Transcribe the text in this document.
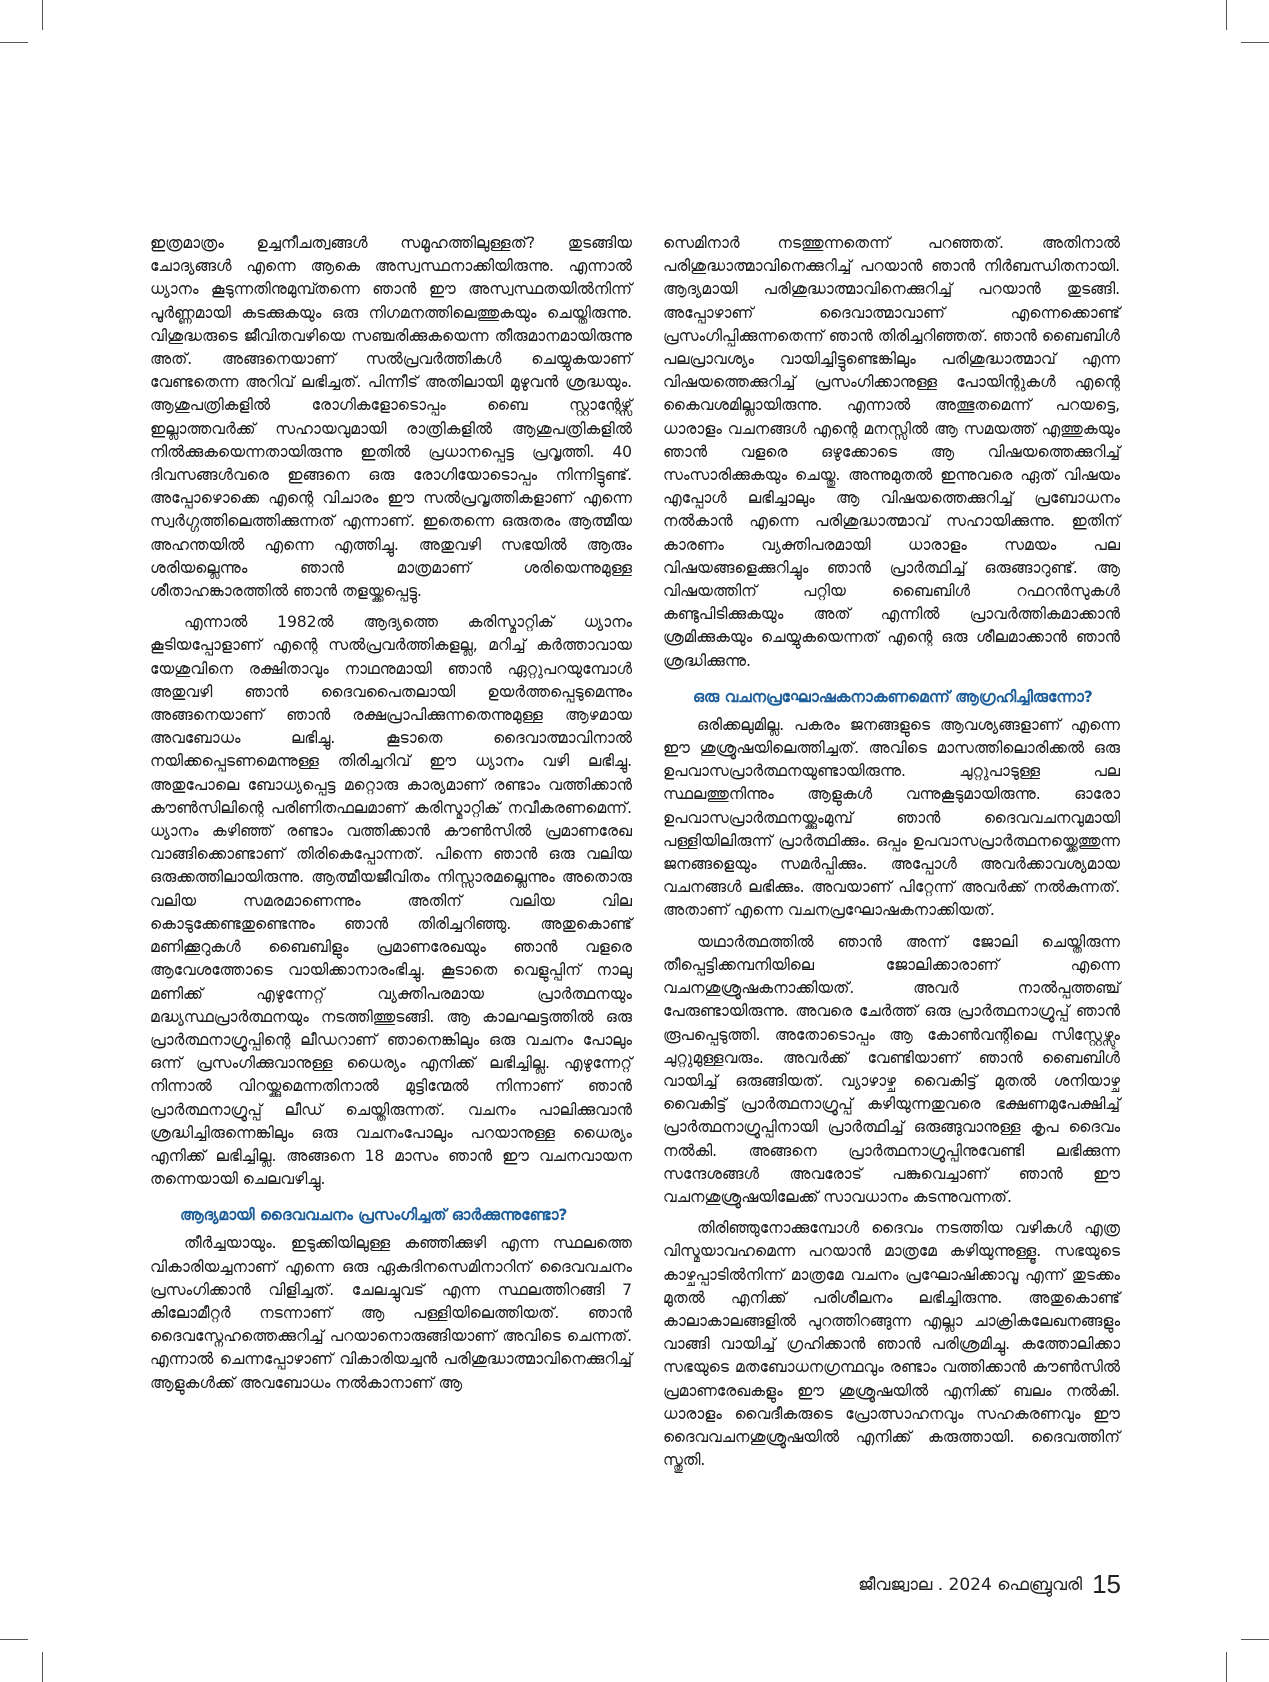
ഇത്രമാത്രം ഉച്ചനീചത്വങ്ങൾ സമൂഹത്തിലുള്ളത്? തുടങ്ങിയ ചോദ്യങ്ങൾ എന്നെ ആകെ അസ്വസ്ഥനാക്കിയിരുന്നു. എന്നാൽ ധ്യാനം കൂടുന്നതിനുമുമ്പ്തന്നെ ഞാൻ ഈ അസ്വസ്ഥതയിൽനിന്ന് പൂർണ്ണമായി കടക്കുകയും ഒരു നിഗമനത്തിലെത്തുകയും ചെയ്തിരുന്നു. വിശുദ്ധരുടെ ജീവിതവഴിയെ സഞ്ചരിക്കുകയെന്ന തീരുമാനമായിരുന്നു അത്. അങ്ങനെയാണ് സൽപ്രവർത്തികൾ ചെയ്യുകയാണ് വേണ്ടതെന്ന അറിവ് ലഭിച്ചത്. പിന്നീട് അതിലായി മുഴുവൻ ശ്രദ്ധയും. ആശുപത്രികളിൽ രോഗികളോടൊപ്പം ബൈ സ്റ്റാന്റേഴ്സ് ഇല്ലാത്തവർക്ക് സഹായവുമായി രാത്രികളിൽ ആശുപത്രികളിൽ നിൽക്കുകയെന്നതായിരുന്നു ഇതിൽ പ്രധാനപ്പെട്ട പ്രവൃത്തി. 40 ദിവസങ്ങൾവരെ ഇങ്ങനെ ഒരു രോഗിയോടൊപ്പം നിന്നിട്ടുണ്ട്. അപ്പോഴൊക്കെ എന്റെ വിചാരം ഈ സൽപ്രവൃത്തികളാണ് എന്നെ സ്വർഗ്ഗത്തിലെത്തിക്കുന്നത് എന്നാണ്. ഇതെന്നെ ഒരുതരം ആത്മീയ അഹന്തയിൽ എന്നെ എത്തിച്ചു. അതുവഴി സഭയിൽ ആരും ശരിയല്ലെന്നും ഞാൻ മാത്രമാണ് ശരിയെന്നുമുള്ള ശീതാഹങ്കാരത്തിൽ ഞാൻ തളയ്ക്കപ്പെട്ടു.

എന്നാൽ 1982ൽ ആദ്യത്തെ കരിസ്മാറ്റിക് ധ്യാനം കൂടിയപ്പോളാണ് എന്റെ സൽപ്രവർത്തികളല്ല, മറിച്ച് കർത്താവായ യേശുവിനെ രക്ഷിതാവും നാഥനുമായി ഞാൻ ഏറ്റുപറയുമ്പോൾ അതുവഴി ഞാൻ ദൈവപൈതലായി ഉയർത്തപ്പെടുമെന്നും അങ്ങനെയാണ് ഞാൻ രക്ഷപ്രാപിക്കുന്നതെന്നുമുള്ള ആഴമായ അവബോധം ലഭിച്ചു. കൂടാതെ ദൈവാത്മാവിനാൽ നയിക്കപ്പെടണമെന്നുള്ള തിരിച്ചറിവ് ഈ ധ്യാനം വഴി ലഭിച്ചു. അതുപോലെ ബോധ്യപ്പെട്ട മറ്റൊരു കാര്യമാണ് രണ്ടാം വത്തിക്കാൻ കൗൺസിലിന്റെ പരിണിതഫലമാണ് കരിസ്മാറ്റിക് നവീകരണമെന്ന്. ധ്യാനം കഴിഞ്ഞ് രണ്ടാം വത്തിക്കാൻ കൗൺസിൽ പ്രമാണരേഖ വാങ്ങിക്കൊണ്ടാണ് തിരികെപ്പോന്നത്. പിന്നെ ഞാൻ ഒരു വലിയ ഒരുക്കത്തിലായിരുന്നു. ആത്മീയജീവിതം നിസ്സാരമല്ലെന്നും അതൊരു വലിയ സമരമാണെന്നും അതിന് വലിയ വില കൊടുക്കേണ്ടതുണ്ടെന്നും ഞാൻ തിരിച്ചറിഞ്ഞു. അതുകൊണ്ട് മണിക്കൂറുകൾ ബൈബിളും പ്രമാണരേഖയും ഞാൻ വളരെ ആവേശത്തോടെ വായിക്കാനാരംഭിച്ചു. കൂടാതെ വെളുപ്പിന് നാലു മണിക്ക് എഴുന്നേറ്റ് വ്യക്തിപരമായ പ്രാർത്ഥനയും മദ്ധ്യസ്ഥപ്രാർത്ഥനയും നടത്തിത്തുടങ്ങി. ആ കാലഘട്ടത്തിൽ ഒരു പ്രാർത്ഥനാഗ്രൂപ്പിന്റെ ലീഡറാണ് ഞാനെങ്കിലും ഒരു വചനം പോലും ഒന്ന് പ്രസംഗിക്കുവാനുള്ള ധൈര്യം എനിക്ക് ലഭിച്ചില്ല. എഴുന്നേറ്റ് നിന്നാൽ വിറയ്ക്കുമെന്നതിനാൽ മുട്ടിന്മേൽ നിന്നാണ് ഞാൻ പ്രാർത്ഥനാഗ്രൂപ്പ് ലീഡ് ചെയ്തിരുന്നത്. വചനം പാലിക്കുവാൻ ശ്രദ്ധിച്ചിരുന്നെങ്കിലും ഒരു വചനംപോലും പറയാനുള്ള ധൈര്യം എനിക്ക് ലഭിച്ചില്ല. അങ്ങനെ 18 മാസം ഞാൻ ഈ വചനവായന തന്നെയായി ചെലവഴിച്ചു.

ആദ്യമായി ദൈവവചനം പ്രസംഗിച്ചത് ഓർക്കുന്നുണ്ടോ?

തീർച്ചയായും. ഇടുക്കിയിലുള്ള കഞ്ഞിക്കുഴി എന്ന സ്ഥലത്തെ വികാരിയച്ചനാണ് എന്നെ ഒരു ഏകദിനസെമിനാറിന് ദൈവവചനം പ്രസംഗിക്കാൻ വിളിച്ചത്. ചേലച്ചുവട് എന്ന സ്ഥലത്തിറങ്ങി 7 കിലോമീറ്റർ നടന്നാണ് ആ പള്ളിയിലെത്തിയത്. ഞാൻ ദൈവസ്നേഹത്തെക്കുറിച്ച് പറയാനൊരുങ്ങിയാണ് അവിടെ ചെന്നത്. എന്നാൽ ചെന്നപ്പോഴാണ് വികാരിയച്ചൻ പരിശുദ്ധാത്മാവിനെക്കുറിച്ച് ആളുകൾക്ക് അവബോധം നൽകാനാണ് ആ

സെമിനാർ നടത്തുന്നതെന്ന് പറഞ്ഞത്. അതിനാൽ പരിശുദ്ധാത്മാവിനെക്കുറിച്ച് പറയാൻ ഞാൻ നിർബന്ധിതനായി. ആദ്യമായി പരിശുദ്ധാത്മാവിനെക്കുറിച്ച് പറയാൻ തുടങ്ങി. അപ്പോഴാണ് ദൈവാത്മാവാണ് എന്നെക്കൊണ്ട് പ്രസംഗിപ്പിക്കുന്നതെന്ന് ഞാൻ തിരിച്ചറിഞ്ഞത്. ഞാൻ ബൈബിൾ പലപ്രാവശ്യം വായിച്ചിട്ടുണ്ടെങ്കിലും പരിശുദ്ധാത്മാവ് എന്ന വിഷയത്തെക്കുറിച്ച് പ്രസംഗിക്കാനുള്ള പോയിന്റുകൾ എന്റെ കൈവശമില്ലായിരുന്നു. എന്നാൽ അത്ഭുതമെന്ന് പറയട്ടെ, ധാരാളം വചനങ്ങൾ എന്റെ മനസ്സിൽ ആ സമയത്ത് എത്തുകയും ഞാൻ വളരെ ഒഴുക്കോടെ ആ വിഷയത്തെക്കുറിച്ച് സംസാരിക്കുകയും ചെയ്തു. അന്നുമുതൽ ഇന്നുവരെ ഏത് വിഷയം എപ്പോൾ ലഭിച്ചാലും ആ വിഷയത്തെക്കുറിച്ച് പ്രബോധനം നൽകാൻ എന്നെ പരിശുദ്ധാത്മാവ് സഹായിക്കുന്നു. ഇതിന് കാരണം വ്യക്തിപരമായി ധാരാളം സമയം പല വിഷയങ്ങളെക്കുറിച്ചും ഞാൻ പ്രാർത്ഥിച്ച് ഒരുങ്ങാറുണ്ട്. ആ വിഷയത്തിന് പറ്റിയ ബൈബിൾ റഫറൻസുകൾ കണ്ടുപിടിക്കുകയും അത് എന്നിൽ പ്രാവർത്തികമാക്കാൻ ശ്രമിക്കുകയും ചെയ്യുകയെന്നത് എന്റെ ഒരു ശീലമാക്കാൻ ഞാൻ ശ്രദ്ധിക്കുന്നു.

ഒരു വചനപ്രഘോഷകനാകണമെന്ന് ആഗ്രഹിച്ചിരുന്നോ?

ഒരിക്കലുമില്ല. പകരം ജനങ്ങളുടെ ആവശ്യങ്ങളാണ് എന്നെ ഈ ശുശ്രൂഷയിലെത്തിച്ചത്. അവിടെ മാസത്തിലൊരിക്കൽ ഒരു ഉപവാസപ്രാർത്ഥനയുണ്ടായിരുന്നു. ചുറ്റുപാടുള്ള പല സ്ഥലത്തുനിന്നും ആളുകൾ വന്നുകൂടുമായിരുന്നു. ഓരോ ഉപവാസപ്രാർത്ഥനയ്ക്കുംമുമ്പ് ഞാൻ ദൈവവചനവുമായി പള്ളിയിലിരുന്ന് പ്രാർത്ഥിക്കും. ഒപ്പം ഉപവാസപ്രാർത്ഥനയ്ക്കെത്തുന്ന ജനങ്ങളെയും സമർപ്പിക്കും. അപ്പോൾ അവർക്കാവശ്യമായ വചനങ്ങൾ ലഭിക്കും. അവയാണ് പിറ്റേന്ന് അവർക്ക് നൽകുന്നത്. അതാണ് എന്നെ വചനപ്രഘോഷകനാക്കിയത്.

യഥാർത്ഥത്തിൽ ഞാൻ അന്ന് ജോലി ചെയ്തിരുന്ന തീപ്പെട്ടിക്കമ്പനിയിലെ ജോലിക്കാരാണ് എന്നെ വചനശുശ്രൂഷകനാക്കിയത്. അവർ നാൽപ്പത്തഞ്ച് പേരുണ്ടായിരുന്നു. അവരെ ചേർത്ത് ഒരു പ്രാർത്ഥനാഗ്രൂപ്പ് ഞാൻ രൂപപ്പെടുത്തി. അതോടൊപ്പം ആ കോൺവന്റിലെ സിസ്റ്റേഴ്സും ചുറ്റുമുള്ളവരും. അവർക്ക് വേണ്ടിയാണ് ഞാൻ ബൈബിൾ വായിച്ച് ഒരുങ്ങിയത്. വ്യാഴാഴ്ച വൈകിട്ട് മുതൽ ശനിയാഴ്ച വൈകിട്ട് പ്രാർത്ഥനാഗ്രൂപ്പ് കഴിയുന്നതുവരെ ഭക്ഷണമുപേക്ഷിച്ച് പ്രാർത്ഥനാഗ്രൂപ്പിനായി പ്രാർത്ഥിച്ച് ഒരുങ്ങുവാനുള്ള കൃപ ദൈവം നൽകി. അങ്ങനെ പ്രാർത്ഥനാഗ്രൂപ്പിനുവേണ്ടി ലഭിക്കുന്ന സന്ദേശങ്ങൾ അവരോട് പങ്കുവെച്ചാണ് ഞാൻ ഈ വചനശുശ്രൂഷയിലേക്ക് സാവധാനം കടന്നുവന്നത്.

തിരിഞ്ഞുനോക്കുമ്പോൾ ദൈവം നടത്തിയ വഴികൾ എത്ര വിസ്മയാവഹമെന്ന പറയാൻ മാത്രമേ കഴിയുന്നുള്ളൂ. സഭയുടെ കാഴ്ചപ്പാടിൽനിന്ന് മാത്രമേ വചനം പ്രഘോഷിക്കാവൂ എന്ന് തുടക്കം മുതൽ എനിക്ക് പരിശീലനം ലഭിച്ചിരുന്നു. അതുകൊണ്ട് കാലാകാലങ്ങളിൽ പുറത്തിറങ്ങുന്ന എല്ലാ ചാക്രികലേഖനങ്ങളും വാങ്ങി വായിച്ച് ഗ്രഹിക്കാൻ ഞാൻ പരിശ്രമിച്ചു. കത്തോലിക്കാ സഭയുടെ മതബോധനഗ്രന്ഥവും രണ്ടാം വത്തിക്കാൻ കൗൺസിൽ പ്രമാണരേഖകളും ഈ ശുശ്രൂഷയിൽ എനിക്ക് ബലം നൽകി. ധാരാളം വൈദീകരുടെ പ്രോത്സാഹനവും സഹകരണവും ഈ ദൈവവചനശുശ്രൂഷയിൽ എനിക്ക് കരുത്തായി. ദൈവത്തിന് സ്തുതി.

ജീവജ്വാല . 2024 ഫെബ്രുവരി 15
